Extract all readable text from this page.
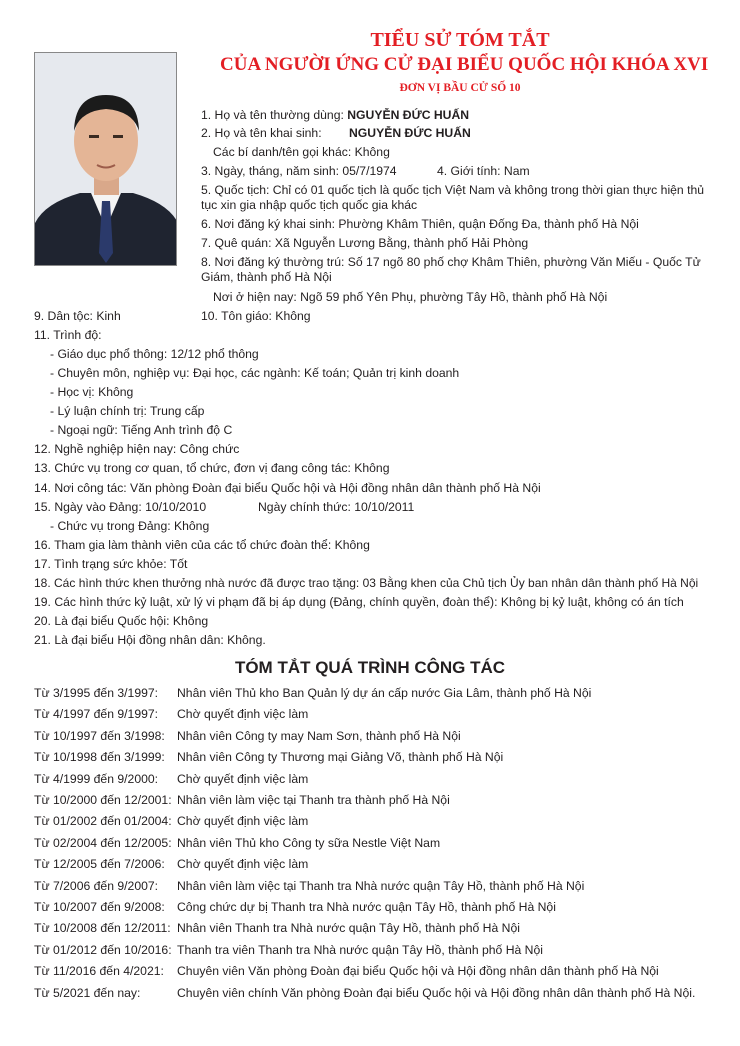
TIỂU SỬ TÓM TẮT
CỦA NGƯỜI ỨNG CỬ ĐẠI BIỂU QUỐC HỘI KHÓA XVI
ĐƠN VỊ BẦU CỬ SỐ 10
1. Họ và tên thường dùng: NGUYỄN ĐỨC HUẤN
2. Họ và tên khai sinh: NGUYỄN ĐỨC HUẤN
Các bí danh/tên gọi khác: Không
3. Ngày, tháng, năm sinh: 05/7/1974	4. Giới tính: Nam
5. Quốc tịch: Chỉ có 01 quốc tịch là quốc tịch Việt Nam và không trong thời gian thực hiện thủ
tục xin gia nhập quốc tịch quốc gia khác
6. Nơi đăng ký khai sinh: Phường Khâm Thiên, quận Đống Đa, thành phố Hà Nội
7. Quê quán: Xã Nguyễn Lương Bằng, thành phố Hải Phòng
8. Nơi đăng ký thường trú: Số 17 ngõ 80 phố chợ Khâm Thiên, phường Văn Miếu - Quốc Tử
Giám, thành phố Hà Nội
Nơi ở hiện nay: Ngõ 59 phố Yên Phụ, phường Tây Hồ, thành phố Hà Nội
9. Dân tộc: Kinh	10. Tôn giáo: Không
11. Trình độ:
- Giáo dục phổ thông: 12/12 phổ thông
- Chuyên môn, nghiệp vụ: Đại học, các ngành: Kế toán; Quản trị kinh doanh
- Học vị: Không
- Lý luận chính trị: Trung cấp
- Ngoại ngữ: Tiếng Anh trình độ C
12. Nghề nghiệp hiện nay: Công chức
13. Chức vụ trong cơ quan, tổ chức, đơn vị đang công tác: Không
14. Nơi công tác: Văn phòng Đoàn đại biểu Quốc hội và Hội đồng nhân dân thành phố Hà Nội
15. Ngày vào Đảng: 10/10/2010	Ngày chính thức: 10/10/2011
- Chức vụ trong Đảng: Không
16. Tham gia làm thành viên của các tổ chức đoàn thể: Không
17. Tình trạng sức khỏe: Tốt
18. Các hình thức khen thưởng nhà nước đã được trao tặng: 03 Bằng khen của Chủ tịch Ủy ban nhân dân thành phố Hà Nội
19. Các hình thức kỷ luật, xử lý vi phạm đã bị áp dụng (Đảng, chính quyền, đoàn thể): Không bị kỷ luật, không có án tích
20. Là đại biểu Quốc hội: Không
21. Là đại biểu Hội đồng nhân dân: Không.
TÓM TẮT QUÁ TRÌNH CÔNG TÁC
Từ 3/1995 đến 3/1997: Nhân viên Thủ kho Ban Quản lý dự án cấp nước Gia Lâm, thành phố Hà Nội
Từ 4/1997 đến 9/1997: Chờ quyết định việc làm
Từ 10/1997 đến 3/1998: Nhân viên Công ty may Nam Sơn, thành phố Hà Nội
Từ 10/1998 đến 3/1999: Nhân viên Công ty Thương mại Giảng Võ, thành phố Hà Nội
Từ 4/1999 đến 9/2000: Chờ quyết định việc làm
Từ 10/2000 đến 12/2001: Nhân viên làm việc tại Thanh tra thành phố Hà Nội
Từ 01/2002 đến 01/2004: Chờ quyết định việc làm
Từ 02/2004 đến 12/2005: Nhân viên Thủ kho Công ty sữa Nestle Việt Nam
Từ 12/2005 đến 7/2006: Chờ quyết định việc làm
Từ 7/2006 đến 9/2007: Nhân viên làm việc tại Thanh tra Nhà nước quận Tây Hồ, thành phố Hà Nội
Từ 10/2007 đến 9/2008: Công chức dự bị Thanh tra Nhà nước quận Tây Hồ, thành phố Hà Nội
Từ 10/2008 đến 12/2011: Nhân viên Thanh tra Nhà nước quận Tây Hồ, thành phố Hà Nội
Từ 01/2012 đến 10/2016: Thanh tra viên Thanh tra Nhà nước quận Tây Hồ, thành phố Hà Nội
Từ 11/2016 đến 4/2021: Chuyên viên Văn phòng Đoàn đại biểu Quốc hội và Hội đồng nhân dân thành phố Hà Nội
Từ 5/2021 đến nay:	Chuyên viên chính Văn phòng Đoàn đại biểu Quốc hội và Hội đồng nhân dân thành phố Hà Nội.
